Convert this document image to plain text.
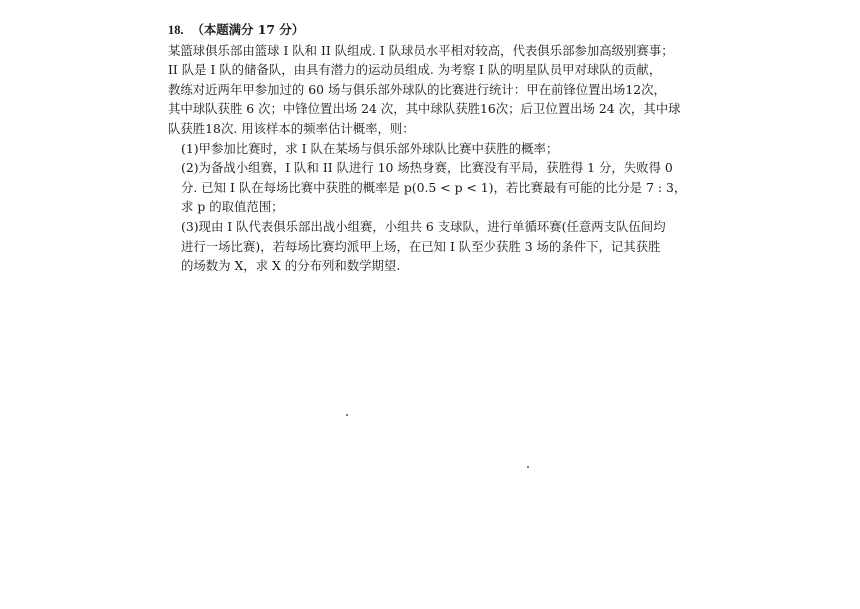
18. （本题满分 17 分）

某篮球俱乐部由篮球 I 队和 II 队组成. I 队球员水平相对较高，代表俱乐部参加高级别赛事；

II 队是 I 队的储备队，由具有潜力的运动员组成. 为考察 I 队的明星队员甲对球队的贡献，

教练对近两年甲参加过的 60 场与俱乐部外球队的比赛进行统计：甲在前锋位置出场12次，

其中球队获胜 6 次；中锋位置出场 24 次，其中球队获胜16次；后卫位置出场 24 次，其中球

队获胜18次. 用该样本的频率估计概率，则：

(1)甲参加比赛时，求 I 队在某场与俱乐部外球队比赛中获胜的概率；

(2)为备战小组赛，I 队和 II 队进行 10 场热身赛，比赛没有平局，获胜得 1 分，失败得 0

分. 已知 I 队在每场比赛中获胜的概率是 p(0.5 < p < 1)，若比赛最有可能的比分是 7 : 3，

求 p 的取值范围；

(3)现由 I 队代表俱乐部出战小组赛，小组共 6 支球队，进行单循环赛(任意两支队伍间均

进行一场比赛)，若每场比赛均派甲上场，在已知 I 队至少获胜 3 场的条件下，记其获胜

的场数为 X，求 X 的分布列和数学期望.
